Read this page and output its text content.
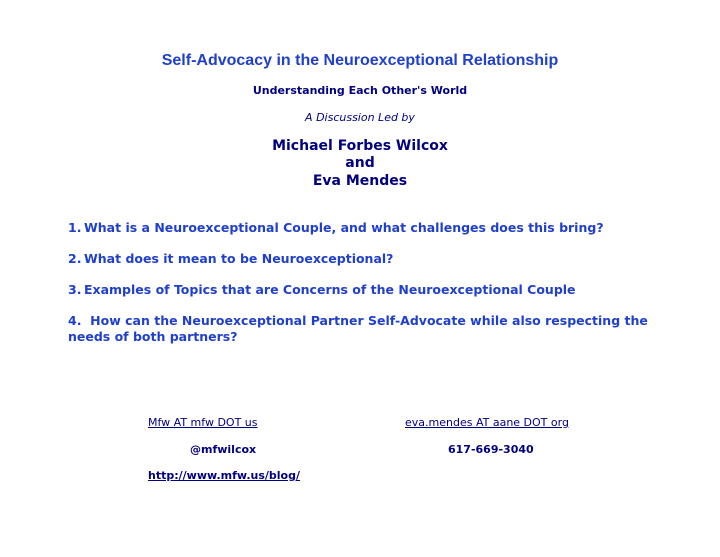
Self-Advocacy in the Neuroexceptional Relationship
Understanding Each Other's World
A Discussion Led by
Michael Forbes Wilcox
and
Eva Mendes
1. What is a Neuroexceptional Couple, and what challenges does this bring?
2. What does it mean to be Neuroexceptional?
3. Examples of Topics that are Concerns of the Neuroexceptional Couple
4. How can the Neuroexceptional Partner Self-Advocate while also respecting the needs of both partners?
Mfw AT mfw DOT us	eva.mendes AT aane DOT org
@mfwilcox	617-669-3040
http://www.mfw.us/blog/
